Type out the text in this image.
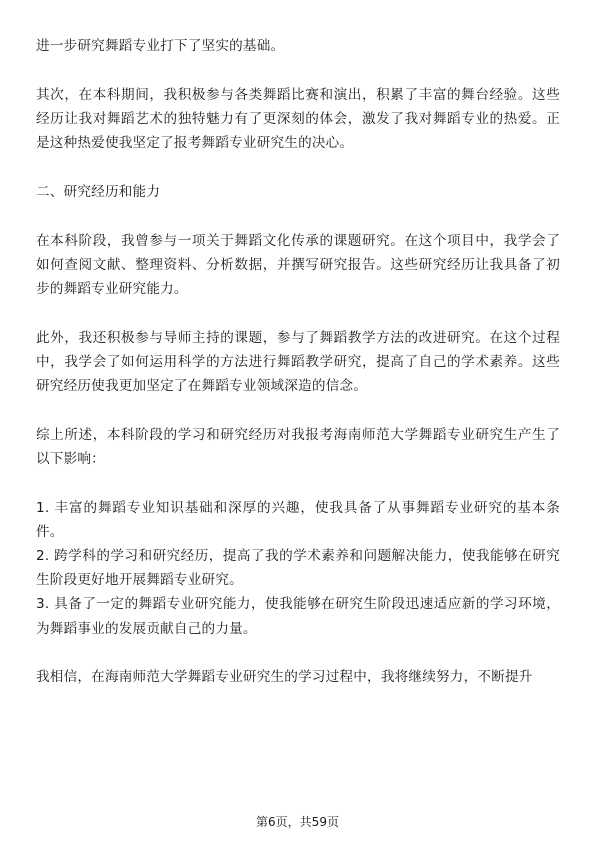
进一步研究舞蹈专业打下了坚实的基础。

其次，在本科期间，我积极参与各类舞蹈比赛和演出，积累了丰富的舞台经验。这些经历让我对舞蹈艺术的独特魅力有了更深刻的体会，激发了我对舞蹈专业的热爱。正是这种热爱使我坚定了报考舞蹈专业研究生的决心。

二、研究经历和能力

在本科阶段，我曾参与一项关于舞蹈文化传承的课题研究。在这个项目中，我学会了如何查阅文献、整理资料、分析数据，并撰写研究报告。这些研究经历让我具备了初步的舞蹈专业研究能力。

此外，我还积极参与导师主持的课题，参与了舞蹈教学方法的改进研究。在这个过程中，我学会了如何运用科学的方法进行舞蹈教学研究，提高了自己的学术素养。这些研究经历使我更加坚定了在舞蹈专业领域深造的信念。

综上所述，本科阶段的学习和研究经历对我报考海南师范大学舞蹈专业研究生产生了以下影响：

1. 丰富的舞蹈专业知识基础和深厚的兴趣，使我具备了从事舞蹈专业研究的基本条件。

2. 跨学科的学习和研究经历，提高了我的学术素养和问题解决能力，使我能够在研究生阶段更好地开展舞蹈专业研究。

3. 具备了一定的舞蹈专业研究能力，使我能够在研究生阶段迅速适应新的学习环境，为舞蹈事业的发展贡献自己的力量。

我相信，在海南师范大学舞蹈专业研究生的学习过程中，我将继续努力，不断提升

第6页，共59页
